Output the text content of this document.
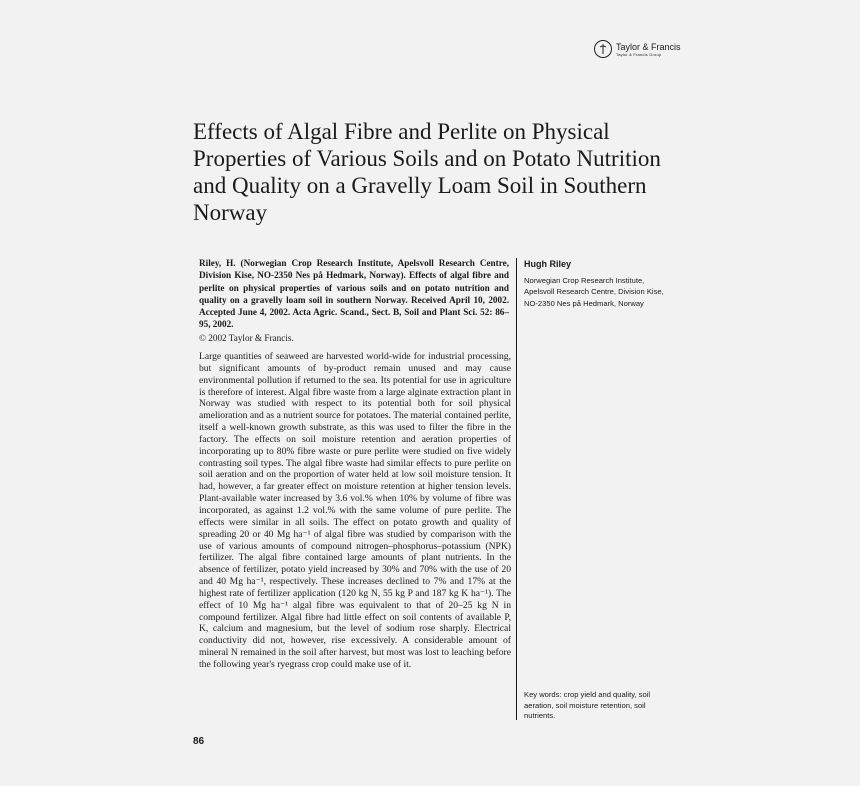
Taylor & Francis
Taylor & Francis Group
Effects of Algal Fibre and Perlite on Physical Properties of Various Soils and on Potato Nutrition and Quality on a Gravelly Loam Soil in Southern Norway
Riley, H. (Norwegian Crop Research Institute, Apelsvoll Research Centre, Division Kise, NO-2350 Nes på Hedmark, Norway). Effects of algal fibre and perlite on physical properties of various soils and on potato nutrition and quality on a gravelly loam soil in southern Norway. Received April 10, 2002. Accepted June 4, 2002. Acta Agric. Scand., Sect. B, Soil and Plant Sci. 52: 86–95, 2002.
© 2002 Taylor & Francis.
Hugh Riley
Norwegian Crop Research Institute, Apelsvoll Research Centre, Division Kise, NO-2350 Nes på Hedmark, Norway
Large quantities of seaweed are harvested world-wide for industrial processing, but significant amounts of by-product remain unused and may cause environmental pollution if returned to the sea. Its potential for use in agriculture is therefore of interest. Algal fibre waste from a large alginate extraction plant in Norway was studied with respect to its potential both for soil physical amelioration and as a nutrient source for potatoes. The material contained perlite, itself a well-known growth substrate, as this was used to filter the fibre in the factory. The effects on soil moisture retention and aeration properties of incorporating up to 80% fibre waste or pure perlite were studied on five widely contrasting soil types. The algal fibre waste had similar effects to pure perlite on soil aeration and on the proportion of water held at low soil moisture tension. It had, however, a far greater effect on moisture retention at higher tension levels. Plant-available water increased by 3.6 vol.% when 10% by volume of fibre was incorporated, as against 1.2 vol.% with the same volume of pure perlite. The effects were similar in all soils. The effect on potato growth and quality of spreading 20 or 40 Mg ha⁻¹ of algal fibre was studied by comparison with the use of various amounts of compound nitrogen–phosphorus–potassium (NPK) fertilizer. The algal fibre contained large amounts of plant nutrients. In the absence of fertilizer, potato yield increased by 30% and 70% with the use of 20 and 40 Mg ha⁻¹, respectively. These increases declined to 7% and 17% at the highest rate of fertilizer application (120 kg N, 55 kg P and 187 kg K ha⁻¹). The effect of 10 Mg ha⁻¹ algal fibre was equivalent to that of 20–25 kg N in compound fertilizer. Algal fibre had little effect on soil contents of available P, K, calcium and magnesium, but the level of sodium rose sharply. Electrical conductivity did not, however, rise excessively. A considerable amount of mineral N remained in the soil after harvest, but most was lost to leaching before the following year's ryegrass crop could make use of it.
Key words: crop yield and quality, soil aeration, soil moisture retention, soil nutrients.
86
